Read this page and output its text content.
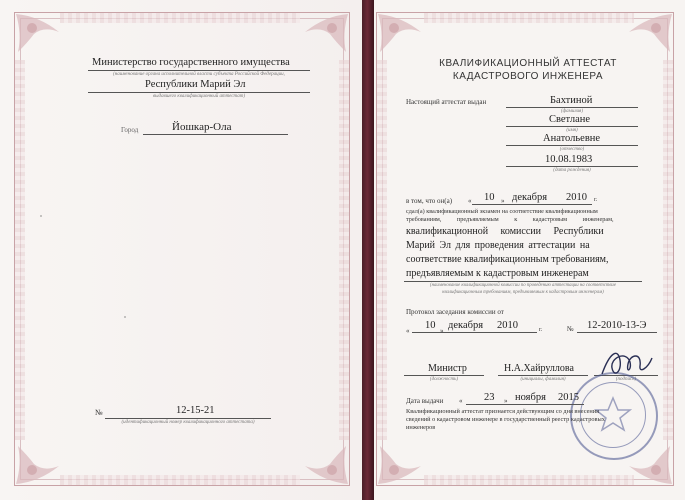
Министерство государственного имущества
(наименование органа исполнительной власти субъекта Российской Федерации,
Республики Марий Эл
выдавшего квалификационный аттестат)
Город	Йошкар-Ола
№	12-15-21
(идентификационный номер квалификационного аттестата)
КВАЛИФИКАЦИОННЫЙ АТТЕСТАТ
КАДАСТРОВОГО ИНЖЕНЕРА
Настоящий аттестат выдан	Бахтиной
(фамилия)
Светлане
(имя)
Анатольевне
(отчество)
10.08.1983
(дата рождения)
в том, что он(а) « 10 » декабря 2010 г.
сдал(а) квалификационный экзамен на соответствие квалификационным
требованиям, предъявляемым к кадастровым инженерам,
квалификационной комиссии Республики
Марий Эл для проведения аттестации на
соответствие квалификационным требованиям,
предъявляемым к кадастровым инженерам
(наименование квалификационной комиссии по проведению аттестации на соответствие
квалификационным требованиям, предъявляемым к кадастровым инженерам)
Протокол заседания комиссии от
« 10 » декабря 2010	г.	№ 12-2010-13-Э
Министр
(должность)
Н.А.Хайруллова
(инициалы, фамилия)	(подпись)
Дата выдачи « 23 » ноября 2015
Квалификационный аттестат признается действующим со дня внесения
сведений о кадастровом инженере в государственный реестр кадастровых
инженеров
